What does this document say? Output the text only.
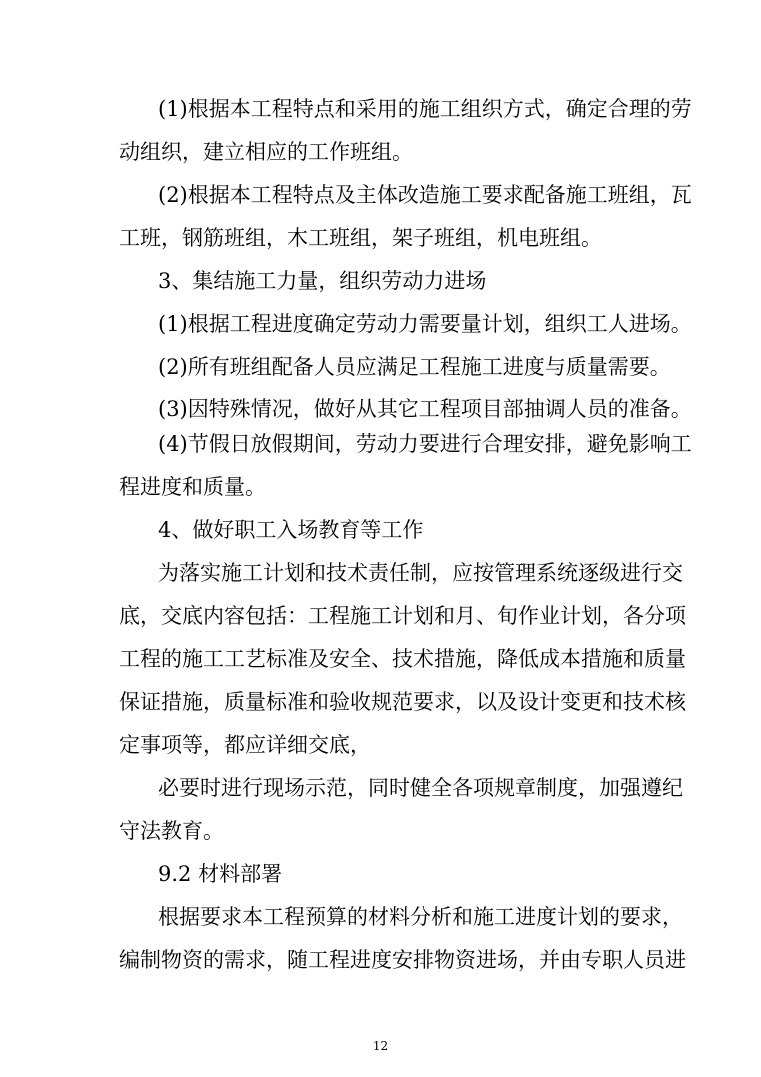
(1)根据本工程特点和采用的施工组织方式，确定合理的劳
动组织，建立相应的工作班组。
(2)根据本工程特点及主体改造施工要求配备施工班组，瓦
工班，钢筋班组，木工班组，架子班组，机电班组。
3、集结施工力量，组织劳动力进场
(1)根据工程进度确定劳动力需要量计划，组织工人进场。
(2)所有班组配备人员应满足工程施工进度与质量需要。
(3)因特殊情况，做好从其它工程项目部抽调人员的准备。
(4)节假日放假期间，劳动力要进行合理安排，避免影响工
程进度和质量。
4、做好职工入场教育等工作
为落实施工计划和技术责任制，应按管理系统逐级进行交
底，交底内容包括：工程施工计划和月、旬作业计划，各分项
工程的施工工艺标准及安全、技术措施，降低成本措施和质量
保证措施，质量标准和验收规范要求，以及设计变更和技术核
定事项等，都应详细交底，
必要时进行现场示范，同时健全各项规章制度，加强遵纪
守法教育。
9.2 材料部署
根据要求本工程预算的材料分析和施工进度计划的要求，
编制物资的需求，随工程进度安排物资进场，并由专职人员进
12
